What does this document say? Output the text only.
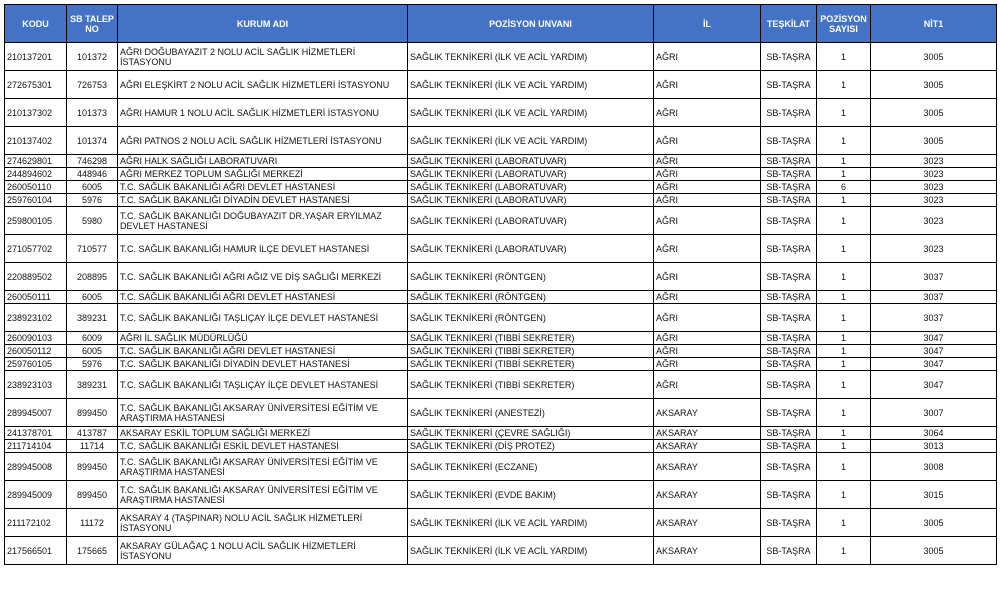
KODU	SB TALEP NO	KURUM ADI	POZİSYON UNVANI	İL	TEŞKİLAT	POZİSYON SAYISI	NİT1
210137201	101372	AĞRI DOĞUBAYAZIT 2 NOLU ACİL SAĞLIK HİZMETLERİ İSTASYONU	SAĞLIK TEKNİKERİ (İLK VE ACİL YARDIM)	AĞRI	SB-TAŞRA	1	3005
272675301	726753	AĞRI ELEŞKİRT 2 NOLU ACİL SAĞLIK HİZMETLERİ İSTASYONU	SAĞLIK TEKNİKERİ (İLK VE ACİL YARDIM)	AĞRI	SB-TAŞRA	1	3005
210137302	101373	AĞRI HAMUR 1 NOLU ACİL SAĞLIK HİZMETLERİ İSTASYONU	SAĞLIK TEKNİKERİ (İLK VE ACİL YARDIM)	AĞRI	SB-TAŞRA	1	3005
210137402	101374	AĞRI PATNOS 2 NOLU ACİL SAĞLIK HİZMETLERİ İSTASYONU	SAĞLIK TEKNİKERİ (İLK VE ACİL YARDIM)	AĞRI	SB-TAŞRA	1	3005
274629801	746298	AĞRI HALK SAĞLIĞI LABORATUVARI	SAĞLIK TEKNİKERİ (LABORATUVAR)	AĞRI	SB-TAŞRA	1	3023
244894602	448946	AĞRI MERKEZ TOPLUM SAĞLIĞI MERKEZİ	SAĞLIK TEKNİKERİ (LABORATUVAR)	AĞRI	SB-TAŞRA	1	3023
260050110	6005	T.C. SAĞLIK BAKANLIĞI AĞRI DEVLET HASTANESİ	SAĞLIK TEKNİKERİ (LABORATUVAR)	AĞRI	SB-TAŞRA	6	3023
259760104	5976	T.C. SAĞLIK BAKANLIĞI DİYADİN DEVLET HASTANESİ	SAĞLIK TEKNİKERİ (LABORATUVAR)	AĞRI	SB-TAŞRA	1	3023
259800105	5980	T.C. SAĞLIK BAKANLIĞI DOĞUBAYAZIT DR.YAŞAR ERYILMAZ DEVLET HASTANESİ	SAĞLIK TEKNİKERİ (LABORATUVAR)	AĞRI	SB-TAŞRA	1	3023
271057702	710577	T.C. SAĞLIK BAKANLIĞI HAMUR İLÇE DEVLET HASTANESİ	SAĞLIK TEKNİKERİ (LABORATUVAR)	AĞRI	SB-TAŞRA	1	3023
220889502	208895	T.C. SAĞLIK BAKANLIĞI AĞRI AĞIZ VE DİŞ SAĞLIĞI MERKEZİ	SAĞLIK TEKNİKERİ (RÖNTGEN)	AĞRI	SB-TAŞRA	1	3037
260050111	6005	T.C. SAĞLIK BAKANLIĞI AĞRI DEVLET HASTANESİ	SAĞLIK TEKNİKERİ (RÖNTGEN)	AĞRI	SB-TAŞRA	1	3037
238923102	389231	T.C. SAĞLIK BAKANLIĞI TAŞLIÇAY İLÇE DEVLET HASTANESİ	SAĞLIK TEKNİKERİ (RÖNTGEN)	AĞRI	SB-TAŞRA	1	3037
260090103	6009	AĞRI İL SAĞLIK MÜDÜRLÜĞÜ	SAĞLIK TEKNİKERİ (TIBBİ SEKRETER)	AĞRI	SB-TAŞRA	1	3047
260050112	6005	T.C. SAĞLIK BAKANLIĞI AĞRI DEVLET HASTANESİ	SAĞLIK TEKNİKERİ (TIBBİ SEKRETER)	AĞRI	SB-TAŞRA	1	3047
259760105	5976	T.C. SAĞLIK BAKANLIĞI DİYADİN DEVLET HASTANESİ	SAĞLIK TEKNİKERİ (TIBBİ SEKRETER)	AĞRI	SB-TAŞRA	1	3047
238923103	389231	T.C. SAĞLIK BAKANLIĞI TAŞLIÇAY İLÇE DEVLET HASTANESİ	SAĞLIK TEKNİKERİ (TIBBİ SEKRETER)	AĞRI	SB-TAŞRA	1	3047
289945007	899450	T.C. SAĞLIK BAKANLIĞI AKSARAY ÜNİVERSİTESİ EĞİTİM VE ARAŞTIRMA HASTANESİ	SAĞLIK TEKNİKERİ (ANESTEZİ)	AKSARAY	SB-TAŞRA	1	3007
241378701	413787	AKSARAY ESKİL TOPLUM SAĞLIĞI MERKEZİ	SAĞLIK TEKNİKERİ (ÇEVRE SAĞLIĞI)	AKSARAY	SB-TAŞRA	1	3064
211714104	11714	T.C. SAĞLIK BAKANLIĞI ESKİL DEVLET HASTANESİ	SAĞLIK TEKNİKERİ (DİŞ PROTEZ)	AKSARAY	SB-TAŞRA	1	3013
289945008	899450	T.C. SAĞLIK BAKANLIĞI AKSARAY ÜNİVERSİTESİ EĞİTİM VE ARAŞTIRMA HASTANESİ	SAĞLIK TEKNİKERİ (ECZANE)	AKSARAY	SB-TAŞRA	1	3008
289945009	899450	T.C. SAĞLIK BAKANLIĞI AKSARAY ÜNİVERSİTESİ EĞİTİM VE ARAŞTIRMA HASTANESİ	SAĞLIK TEKNİKERİ (EVDE BAKIM)	AKSARAY	SB-TAŞRA	1	3015
211172102	11172	AKSARAY 4 (TAŞPINAR) NOLU ACİL SAĞLIK HİZMETLERİ İSTASYONU	SAĞLIK TEKNİKERİ (İLK VE ACİL YARDIM)	AKSARAY	SB-TAŞRA	1	3005
217566501	175665	AKSARAY GÜLAĞAÇ 1 NOLU ACİL SAĞLIK HİZMETLERİ İSTASYONU	SAĞLIK TEKNİKERİ (İLK VE ACİL YARDIM)	AKSARAY	SB-TAŞRA	1	3005
